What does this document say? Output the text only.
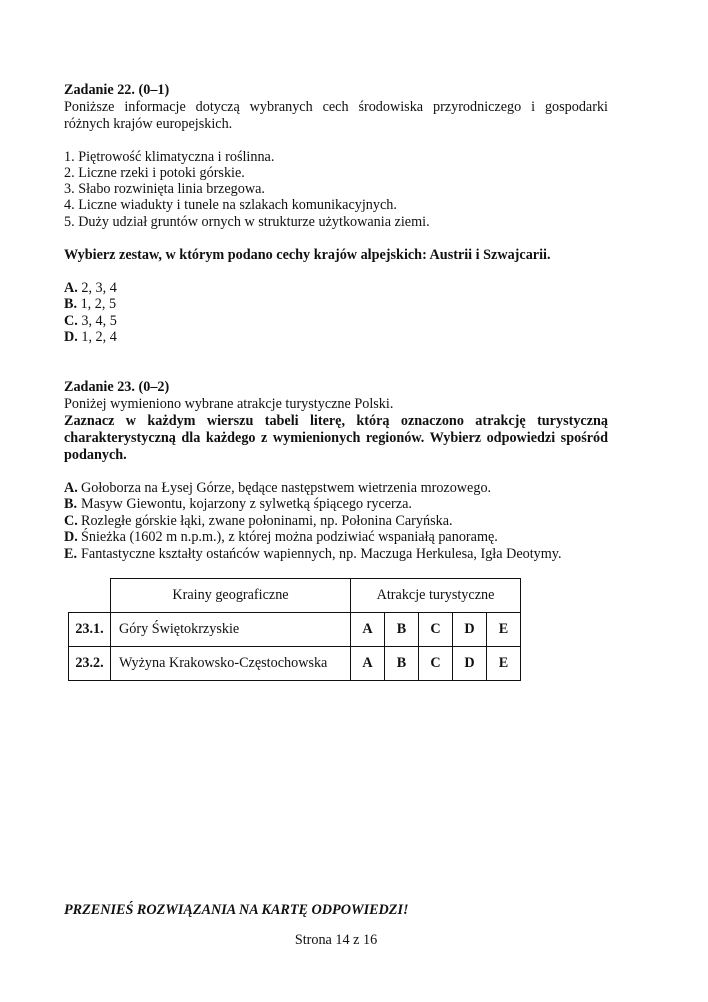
Zadanie 22. (0–1)
Poniższe informacje dotyczą wybranych cech środowiska przyrodniczego i gospodarki
różnych krajów europejskich.
1. Piętrowość klimatyczna i roślinna.
2. Liczne rzeki i potoki górskie.
3. Słabo rozwinięta linia brzegowa.
4. Liczne wiadukty i tunele na szlakach komunikacyjnych.
5. Duży udział gruntów ornych w strukturze użytkowania ziemi.
Wybierz zestaw, w którym podano cechy krajów alpejskich: Austrii i Szwajcarii.
A. 2, 3, 4
B. 1, 2, 5
C. 3, 4, 5
D. 1, 2, 4
Zadanie 23. (0–2)
Poniżej wymieniono wybrane atrakcje turystyczne Polski.
Zaznacz w każdym wierszu tabeli literę, którą oznaczono atrakcję turystyczną
charakterystyczną dla każdego z wymienionych regionów. Wybierz odpowiedzi spośród
podanych.
A. Gołoborza na Łysej Górze, będące następstwem wietrzenia mrozowego.
B. Masyw Giewontu, kojarzony z sylwetką śpiącego rycerza.
C. Rozległe górskie łąki, zwane połoninami, np. Połonina Caryńska.
D. Śnieżka (1602 m n.p.m.), z której można podziwiać wspaniałą panoramę.
E. Fantastyczne kształty ostańców wapiennych, np. Maczuga Herkulesa, Igła Deotymy.
	Krainy geograficzne	Atrakcje turystyczne				
23.1.	Góry Świętokrzyskie	A	B	C	D	E
23.2.	Wyżyna Krakowsko-Częstochowska	A	B	C	D	E
PRZENIEŚ ROZWIĄZANIA NA KARTĘ ODPOWIEDZI!
Strona 14 z 16
